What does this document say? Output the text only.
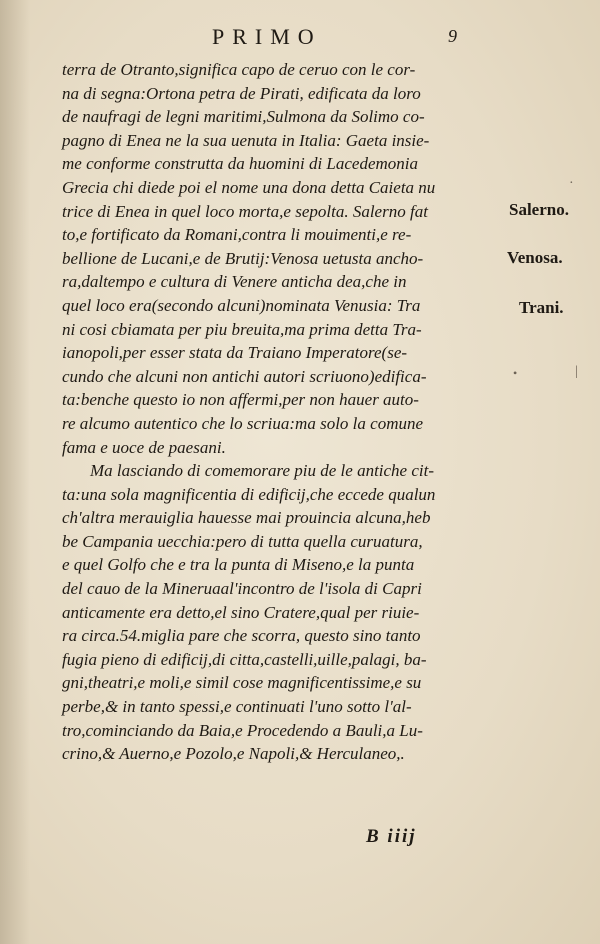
PRIMO	9
terra de Otranto,significa capo de ceruo con le cor-
na di segna:Ortona petra de Pirati, edificata da loro
de naufragi de legni maritimi,Sulmona da Solimo co-
pagno di Enea ne la sua uenuta in Italia: Gaeta insie-
me conforme construtta da huomini di Lacedemonia
Grecia chi diede poi el nome una dona detta Caieta nu
trice di Enea in quel loco morta,e sepolta. Salerno fat
to,e fortificato da Romani,contra li mouimenti,e re-
bellione de Lucani,e de Brutij:Venosa uetusta ancho-
ra,daltempo e cultura di Venere anticha dea,che in
quel loco era(secondo alcuni)nominata Venusia: Tra
ni cosi cbiamata per piu breuita,ma prima detta Tra-
ianopoli,per esser stata da Traiano Imperatore(se-
cundo che alcuni non antichi autori scriuono)edifica-
ta:benche questo io non affermi,per non hauer auto-
re alcumo autentico che lo scriua:ma solo la comune
fama e uoce de paesani.
Ma lasciando di comemorare piu de le antiche cit-
ta:una sola magnificentia di edificij,che eccede qualun
ch'altra merauiglia hauesse mai prouincia alcuna,heb
be Campania uecchia:pero di tutta quella curuatura,
e quel Golfo che e tra la punta di Miseno,e la punta
del cauo de la Mineruaal'incontro de l'isola di Capri
anticamente era detto,el sino Cratere,qual per riuie-
ra circa.54.miglia pare che scorra, questo sino tanto
fugia pieno di edificij,di citta,castelli,uille,palagi, ba-
gni,theatri,e moli,e simil cose magnificentissime,e su
perbe,& in tanto spessi,e continuati l'uno sotto l'al-
tro,cominciando da Baia,e Procedendo a Bauli,a Lu-
crino,& Auerno,e Pozolo,e Napoli,& Herculaneo,.
Salerno.
Venosa.
Trani.
·
•	|
B iiij
